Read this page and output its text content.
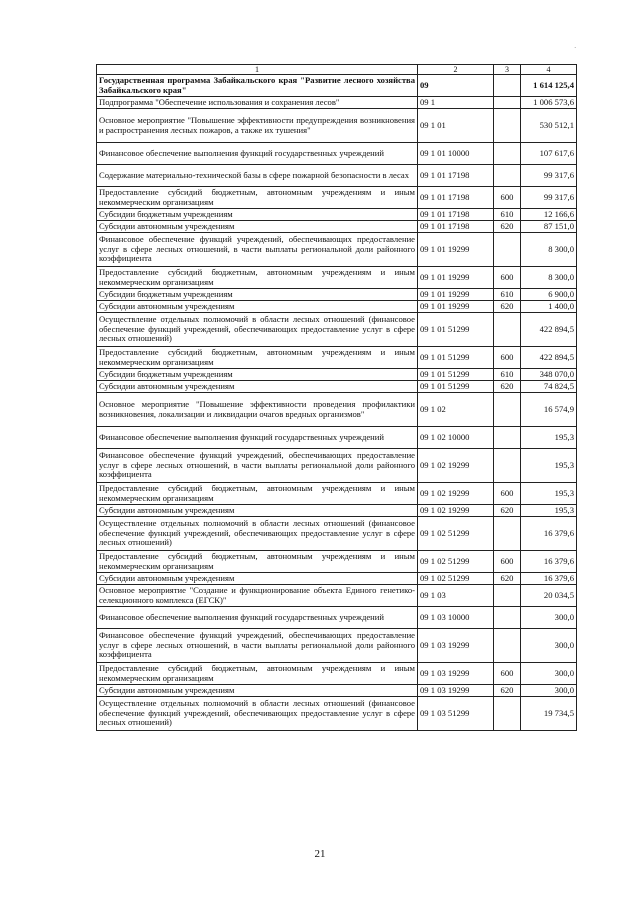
·
1	2	3	4
Государственная программа Забайкальского края "Развитие лесного хозяйства Забайкальского края"	09		1 614 125,4
Подпрограмма "Обеспечение использования и сохранения лесов"	09 1		1 006 573,6
Основное мероприятие "Повышение эффективности предупреждения возникновения и распространения лесных пожаров, а также их тушения"	09 1 01		530 512,1
Финансовое обеспечение выполнения функций государственных учреждений	09 1 01 10000		107 617,6
Содержание материально-технической базы в сфере пожарной безопасности в лесах	09 1 01 17198		99 317,6
Предоставление субсидий бюджетным, автономным учреждениям и иным некоммерческим организациям	09 1 01 17198	600	99 317,6
Субсидии бюджетным учреждениям	09 1 01 17198	610	12 166,6
Субсидии автономным учреждениям	09 1 01 17198	620	87 151,0
Финансовое обеспечение функций учреждений, обеспечивающих предоставление услуг в сфере лесных отношений, в части выплаты региональной доли районного коэффициента	09 1 01 19299		8 300,0
Предоставление субсидий бюджетным, автономным учреждениям и иным некоммерческим организациям	09 1 01 19299	600	8 300,0
Субсидии бюджетным учреждениям	09 1 01 19299	610	6 900,0
Субсидии автономным учреждениям	09 1 01 19299	620	1 400,0
Осуществление отдельных полномочий в области лесных отношений (финансовое обеспечение функций учреждений, обеспечивающих предоставление услуг в сфере лесных отношений)	09 1 01 51299		422 894,5
Предоставление субсидий бюджетным, автономным учреждениям и иным некоммерческим организациям	09 1 01 51299	600	422 894,5
Субсидии бюджетным учреждениям	09 1 01 51299	610	348 070,0
Субсидии автономным учреждениям	09 1 01 51299	620	74 824,5
Основное мероприятие "Повышение эффективности проведения профилактики возникновения, локализации и ликвидации очагов вредных организмов"	09 1 02		16 574,9
Финансовое обеспечение выполнения функций государственных учреждений	09 1 02 10000		195,3
Финансовое обеспечение функций учреждений, обеспечивающих предоставление услуг в сфере лесных отношений, в части выплаты региональной доли районного коэффициента	09 1 02 19299		195,3
Предоставление субсидий бюджетным, автономным учреждениям и иным некоммерческим организациям	09 1 02 19299	600	195,3
Субсидии автономным учреждениям	09 1 02 19299	620	195,3
Осуществление отдельных полномочий в области лесных отношений (финансовое обеспечение функций учреждений, обеспечивающих предоставление услуг в сфере лесных отношений)	09 1 02 51299		16 379,6
Предоставление субсидий бюджетным, автономным учреждениям и иным некоммерческим организациям	09 1 02 51299	600	16 379,6
Субсидии автономным учреждениям	09 1 02 51299	620	16 379,6
Основное мероприятие "Создание и функционирование объекта Единого генетико-селекционного комплекса (ЕГСК)"	09 1 03		20 034,5
Финансовое обеспечение выполнения функций государственных учреждений	09 1 03 10000		300,0
Финансовое обеспечение функций учреждений, обеспечивающих предоставление услуг в сфере лесных отношений, в части выплаты региональной доли районного коэффициента	09 1 03 19299		300,0
Предоставление субсидий бюджетным, автономным учреждениям и иным некоммерческим организациям	09 1 03 19299	600	300,0
Субсидии автономным учреждениям	09 1 03 19299	620	300,0
Осуществление отдельных полномочий в области лесных отношений (финансовое обеспечение функций учреждений, обеспечивающих предоставление услуг в сфере лесных отношений)	09 1 03 51299		19 734,5
21
